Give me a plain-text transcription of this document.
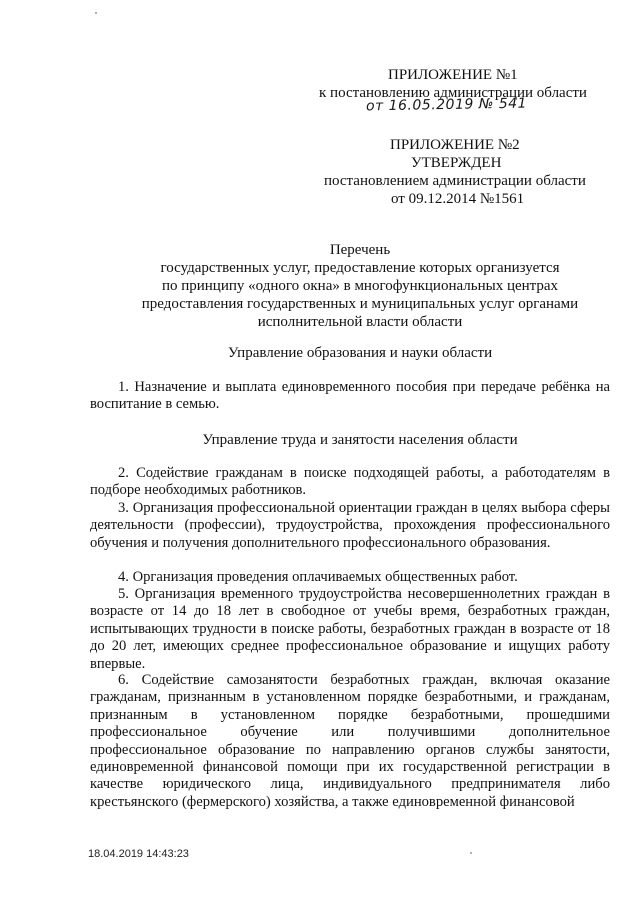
ПРИЛОЖЕНИЕ №1
к постановлению администрации области
от 16.05.2019 № 541
ПРИЛОЖЕНИЕ №2
УТВЕРЖДЕН
постановлением администрации области
от 09.12.2014 №1561
Перечень
государственных услуг, предоставление которых организуется
по принципу «одного окна» в многофункциональных центрах
предоставления государственных и муниципальных услуг органами
исполнительной власти области
Управление образования и науки области
1. Назначение и выплата единовременного пособия при передаче ребёнка на воспитание в семью.
Управление труда и занятости населения области
2. Содействие гражданам в поиске подходящей работы, а работодателям в подборе необходимых работников.
3. Организация профессиональной ориентации граждан в целях выбора сферы деятельности (профессии), трудоустройства, прохождения профессионального обучения и получения дополнительного профессионального образования.
4. Организация проведения оплачиваемых общественных работ.
5. Организация временного трудоустройства несовершеннолетних граждан в возрасте от 14 до 18 лет в свободное от учебы время, безработных граждан, испытывающих трудности в поиске работы, безработных граждан в возрасте от 18 до 20 лет, имеющих среднее профессиональное образование и ищущих работу впервые.
6. Содействие самозанятости безработных граждан, включая оказание гражданам, признанным в установленном порядке безработными, и гражданам, признанным в установленном порядке безработными, прошедшими профессиональное обучение или получившими дополнительное профессиональное образование по направлению органов службы занятости, единовременной финансовой помощи при их государственной регистрации в качестве юридического лица, индивидуального предпринимателя либо крестьянского (фермерского) хозяйства, а также единовременной финансовой
18.04.2019 14:43:23
